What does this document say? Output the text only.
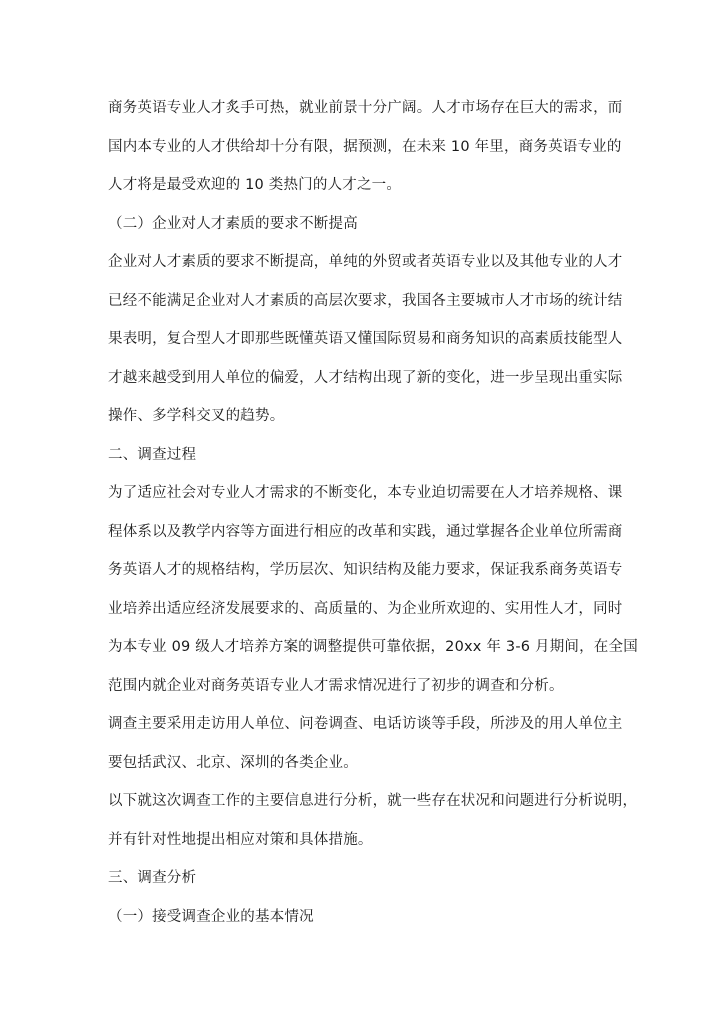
商务英语专业人才炙手可热，就业前景十分广阔。人才市场存在巨大的需求，而
国内本专业的人才供给却十分有限，据预测，在未来 10 年里，商务英语专业的
人才将是最受欢迎的 10 类热门的人才之一。
（二）企业对人才素质的要求不断提高
企业对人才素质的要求不断提高，单纯的外贸或者英语专业以及其他专业的人才
已经不能满足企业对人才素质的高层次要求，我国各主要城市人才市场的统计结
果表明，复合型人才即那些既懂英语又懂国际贸易和商务知识的高素质技能型人
才越来越受到用人单位的偏爱，人才结构出现了新的变化，进一步呈现出重实际
操作、多学科交叉的趋势。
二、调查过程
为了适应社会对专业人才需求的不断变化，本专业迫切需要在人才培养规格、课
程体系以及教学内容等方面进行相应的改革和实践，通过掌握各企业单位所需商
务英语人才的规格结构，学历层次、知识结构及能力要求，保证我系商务英语专
业培养出适应经济发展要求的、高质量的、为企业所欢迎的、实用性人才，同时
为本专业 09 级人才培养方案的调整提供可靠依据，20xx 年 3-6 月期间，在全国
范围内就企业对商务英语专业人才需求情况进行了初步的调查和分析。
调查主要采用走访用人单位、问卷调查、电话访谈等手段，所涉及的用人单位主
要包括武汉、北京、深圳的各类企业。
以下就这次调查工作的主要信息进行分析，就一些存在状况和问题进行分析说明，
并有针对性地提出相应对策和具体措施。
三、调查分析
（一）接受调查企业的基本情况
